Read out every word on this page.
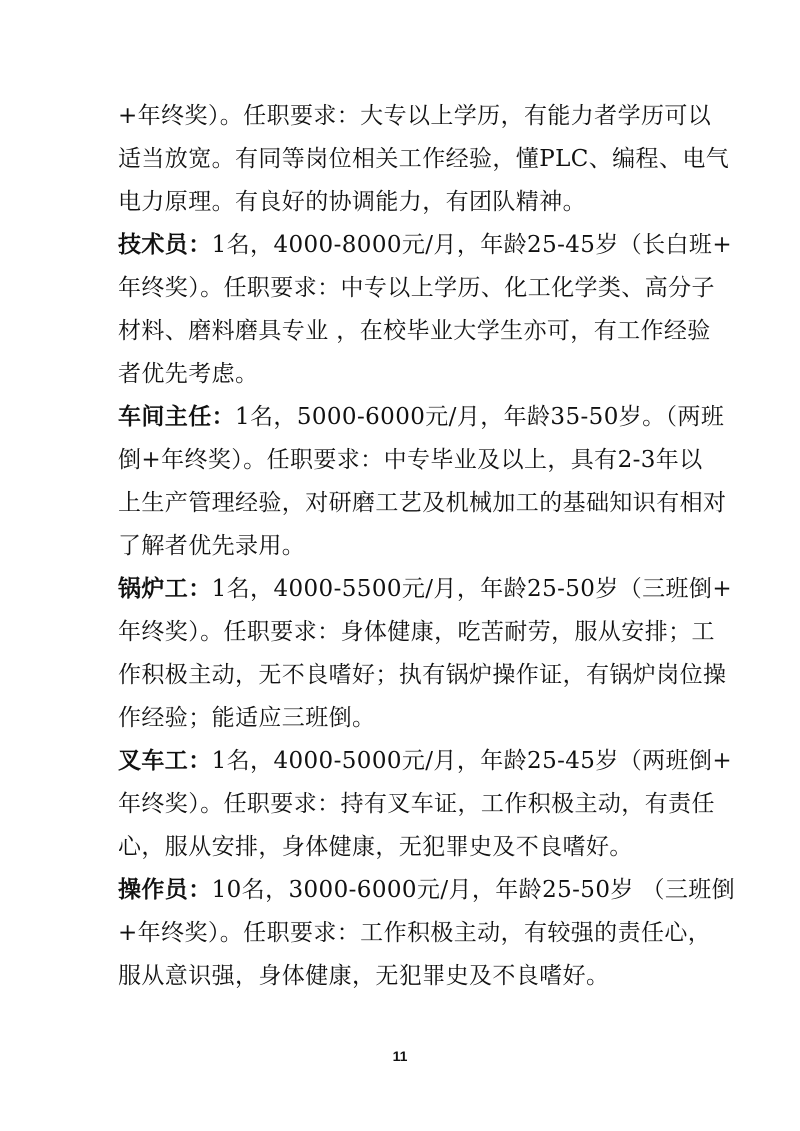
+年终奖）。任职要求：大专以上学历，有能力者学历可以
适当放宽。有同等岗位相关工作经验，懂PLC、编程、电气
电力原理。有良好的协调能力，有团队精神。
技术员：1名，4000-8000元/月，年龄25-45岁（长白班+
年终奖）。任职要求：中专以上学历、化工化学类、高分子
材料、磨料磨具专业 ，在校毕业大学生亦可，有工作经验
者优先考虑。
车间主任：1名，5000-6000元/月，年龄35-50岁。（两班
倒+年终奖）。任职要求：中专毕业及以上，具有2-3年以
上生产管理经验，对研磨工艺及机械加工的基础知识有相对
了解者优先录用。
锅炉工：1名，4000-5500元/月，年龄25-50岁（三班倒+
年终奖）。任职要求：身体健康，吃苦耐劳，服从安排；工
作积极主动，无不良嗜好；执有锅炉操作证，有锅炉岗位操
作经验；能适应三班倒。
叉车工：1名，4000-5000元/月，年龄25-45岁（两班倒+
年终奖）。任职要求：持有叉车证，工作积极主动，有责任
心，服从安排，身体健康，无犯罪史及不良嗜好。
操作员：10名，3000-6000元/月，年龄25-50岁 （三班倒
+年终奖）。任职要求：工作积极主动，有较强的责任心，
服从意识强，身体健康，无犯罪史及不良嗜好。
11
